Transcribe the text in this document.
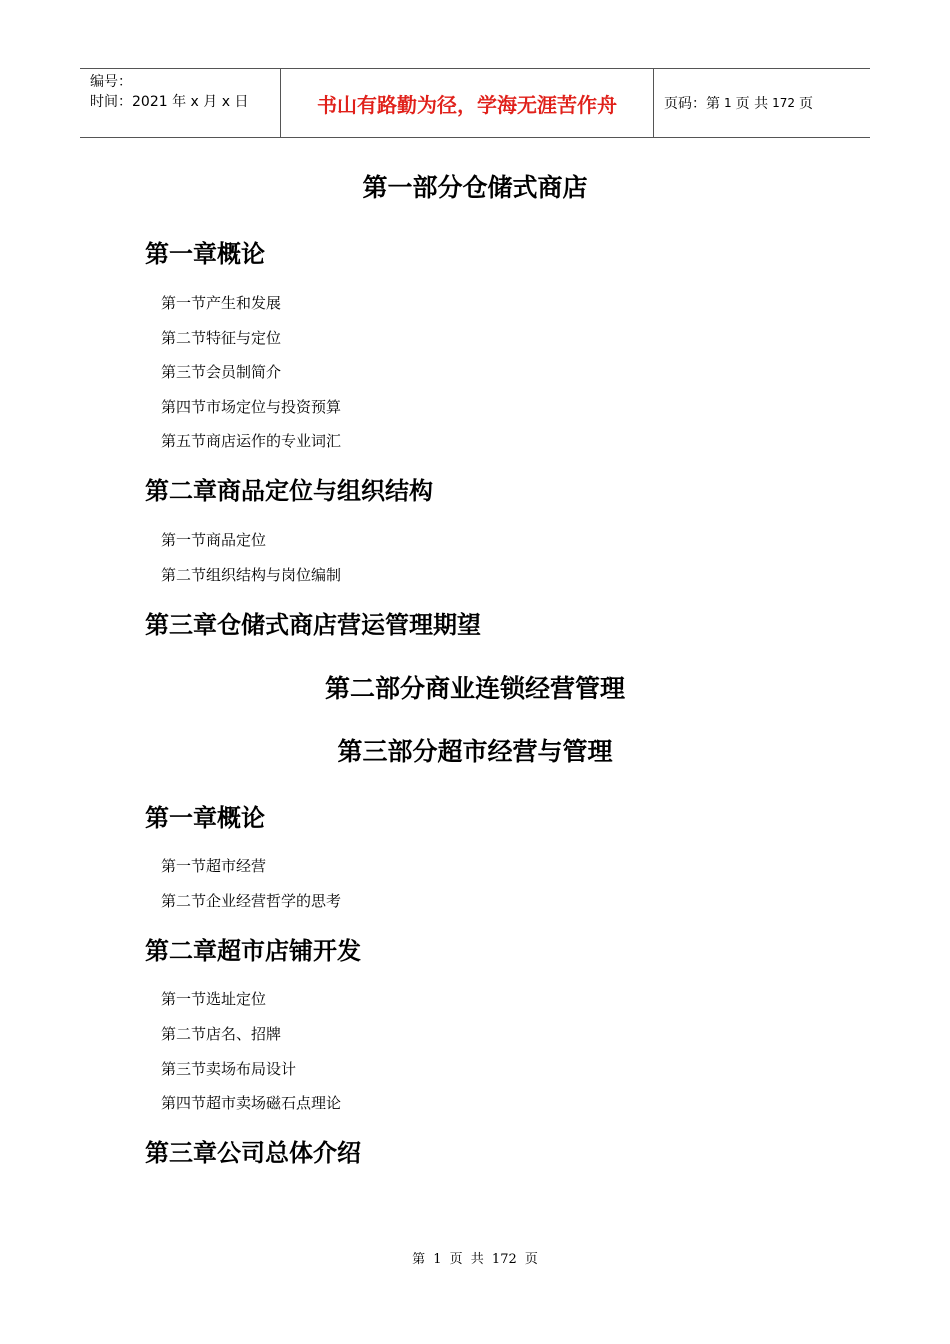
编号：
时间：2021 年 x 月 x 日	书山有路勤为径，学海无涯苦作舟	页码：第 1 页 共 172 页
第一部分仓储式商店
第一章概论
第一节产生和发展
第二节特征与定位
第三节会员制简介
第四节市场定位与投资预算
第五节商店运作的专业词汇
第二章商品定位与组织结构
第一节商品定位
第二节组织结构与岗位编制
第三章仓储式商店营运管理期望
第二部分商业连锁经营管理
第三部分超市经营与管理
第一章概论
第一节超市经营
第二节企业经营哲学的思考
第二章超市店铺开发
第一节选址定位
第二节店名、招牌
第三节卖场布局设计
第四节超市卖场磁石点理论
第三章公司总体介绍
第 1 页 共 172 页
